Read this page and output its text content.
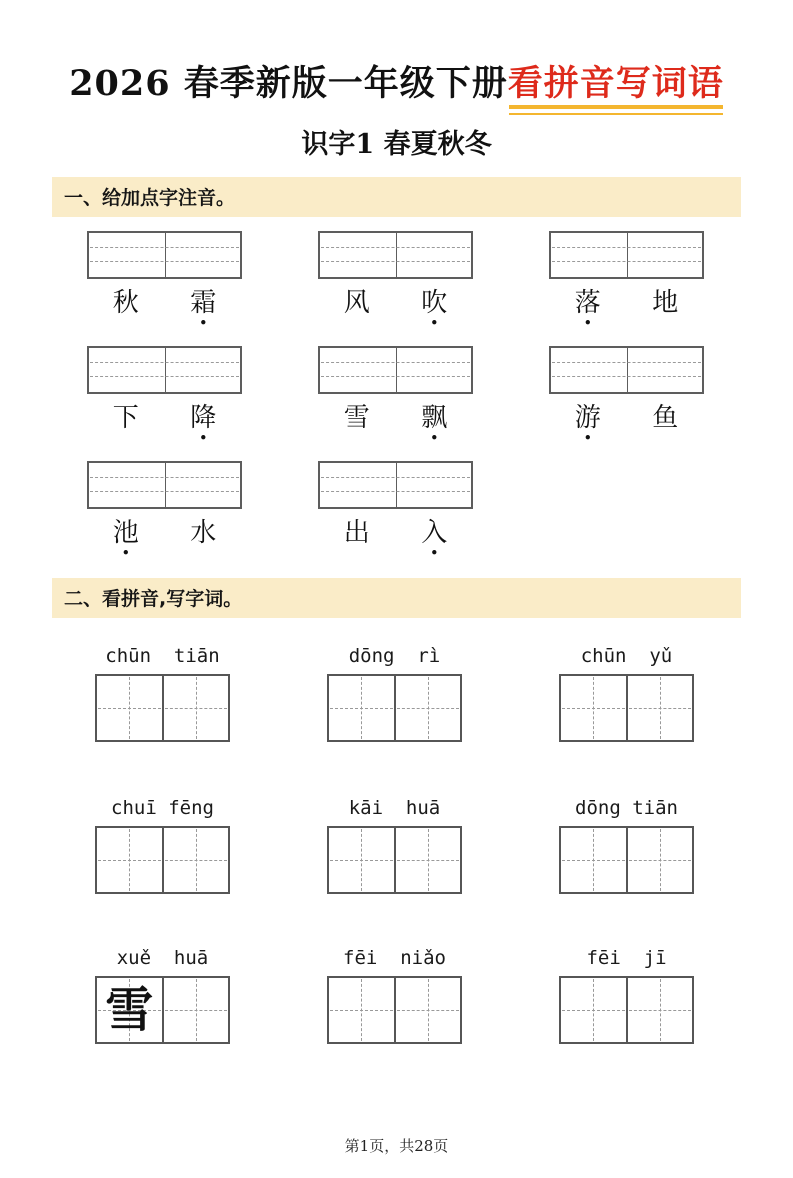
2026 春季新版一年级下册看拼音写词语
识字1 春夏秋冬
一、给加点字注音。
秋 霜
•
风 吹
•
落
•
地
下 降
•
雪 飘
•
游
•
鱼
池
•
水	出 入
•
二、看拼音,写字词。
chūn  tiān	dōng  rì	chūn  yǔ
chuī fēng	kāi  huā	dōng tiān
xuě  huā
雪
fēi  niǎo	fēi  jī
第1页，共28页
